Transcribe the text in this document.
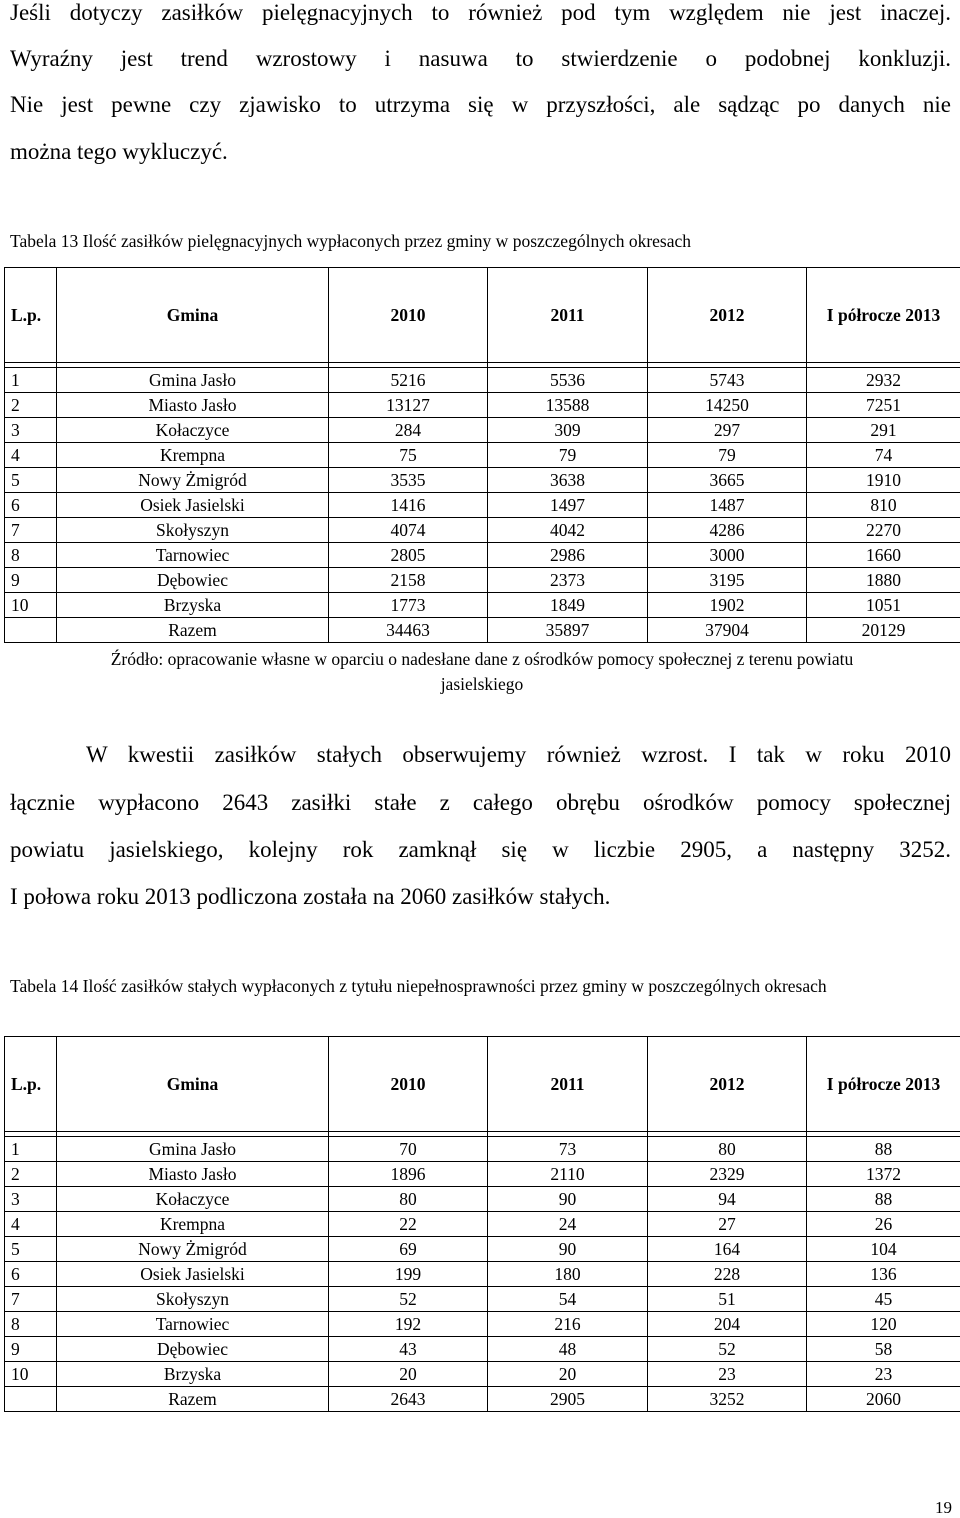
Jeśli dotyczy zasiłków pielęgnacyjnych to również pod tym względem nie jest inaczej.
Wyraźny jest trend wzrostowy i nasuwa to stwierdzenie o podobnej konkluzji.
Nie jest pewne czy zjawisko to utrzyma się w przyszłości, ale sądząc po danych nie
można tego wykluczyć.
Tabela 13 Ilość zasiłków pielęgnacyjnych wypłaconych przez gminy w poszczególnych okresach
L.p.	Gmina	2010	2011	2012	I półrocze 2013

1	Gmina Jasło	5216	5536	5743	2932
2	Miasto Jasło	13127	13588	14250	7251
3	Kołaczyce	284	309	297	291
4	Krempna	75	79	79	74
5	Nowy Żmigród	3535	3638	3665	1910
6	Osiek Jasielski	1416	1497	1487	810
7	Skołyszyn	4074	4042	4286	2270
8	Tarnowiec	2805	2986	3000	1660
9	Dębowiec	2158	2373	3195	1880
10	Brzyska	1773	1849	1902	1051
	Razem	34463	35897	37904	20129
Źródło: opracowanie własne w oparciu o nadesłane dane z ośrodków pomocy społecznej z terenu powiatu
jasielskiego
W kwestii zasiłków stałych obserwujemy również wzrost. I tak w roku 2010
łącznie wypłacono 2643 zasiłki stałe z całego obrębu ośrodków pomocy społecznej
powiatu jasielskiego, kolejny rok zamknął się w liczbie 2905, a następny 3252.
I połowa roku 2013 podliczona została na 2060 zasiłków stałych.
Tabela 14 Ilość zasiłków stałych wypłaconych z tytułu niepełnosprawności przez gminy w poszczególnych okresach
L.p.	Gmina	2010	2011	2012	I półrocze 2013

1	Gmina Jasło	70	73	80	88
2	Miasto Jasło	1896	2110	2329	1372
3	Kołaczyce	80	90	94	88
4	Krempna	22	24	27	26
5	Nowy Żmigród	69	90	164	104
6	Osiek Jasielski	199	180	228	136
7	Skołyszyn	52	54	51	45
8	Tarnowiec	192	216	204	120
9	Dębowiec	43	48	52	58
10	Brzyska	20	20	23	23
	Razem	2643	2905	3252	2060
19
